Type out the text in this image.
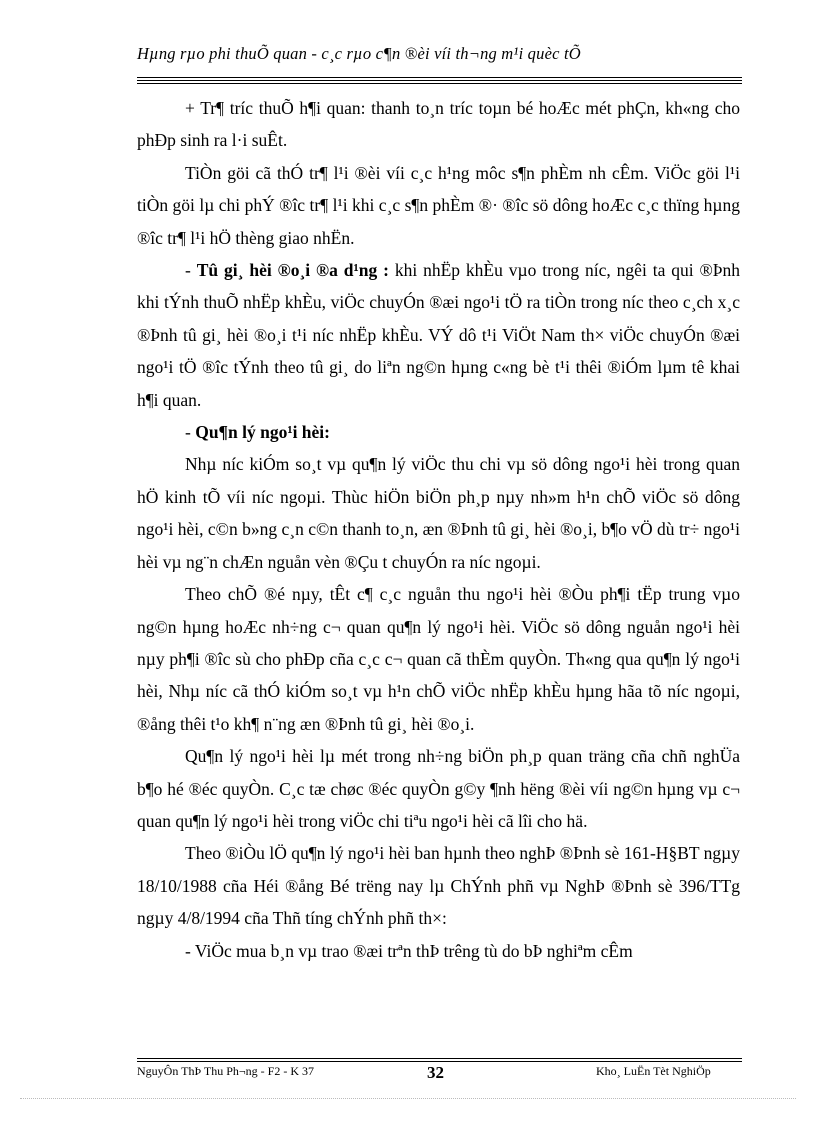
Hµng rµo phi thuÕ quan - c¸c rµo c¶n ®èi víi th¬ng m¹i quèc tÕ

+ Tr¶ tríc thuÕ h¶i quan: thanh to¸n tríc toµn bé hoÆc mét phÇn, kh«ng cho phÐp sinh ra l·i suÊt.

TiÒn göi cã thÓ tr¶ l¹i ®èi víi c¸c h¹ng môc s¶n phÈm nh cÊm. ViÖc göi l¹i tiÒn göi lµ chi phÝ ®îc tr¶ l¹i khi c¸c s¶n phÈm ®· ®îc sö dông hoÆc c¸c thïng hµng ®îc tr¶ l¹i hÖ thèng giao nhËn.

- Tû gi¸ hèi ®o¸i ®a d¹ng : khi nhËp khÈu vµo trong níc, ngêi ta qui ®Þnh khi tÝnh thuÕ nhËp khÈu, viÖc chuyÓn ®æi ngo¹i tÖ ra tiÒn trong níc theo c¸ch x¸c ®Þnh tû gi¸ hèi ®o¸i t¹i níc nhËp khÈu. VÝ dô t¹i ViÖt Nam th× viÖc chuyÓn ®æi ngo¹i tÖ ®îc tÝnh theo tû gi¸ do liªn ng©n hµng c«ng bè t¹i thêi ®iÓm lµm tê khai h¶i quan.

- Qu¶n lý ngo¹i hèi:

Nhµ níc kiÓm so¸t vµ qu¶n lý viÖc thu chi vµ sö dông ngo¹i hèi trong quan hÖ kinh tÕ víi níc ngoµi. Thùc hiÖn biÖn ph¸p nµy nh»m h¹n chÕ viÖc sö dông ngo¹i hèi, c©n b»ng c¸n c©n thanh to¸n, æn ®Þnh tû gi¸ hèi ®o¸i, b¶o vÖ dù tr÷ ngo¹i hèi vµ ng¨n chÆn nguån vèn ®Çu t chuyÓn ra níc ngoµi.

Theo chÕ ®é nµy, tÊt c¶ c¸c nguån thu ngo¹i hèi ®Òu ph¶i tËp trung vµo ng©n hµng hoÆc nh÷ng c¬ quan qu¶n lý ngo¹i hèi. ViÖc sö dông nguån ngo¹i hèi nµy ph¶i ®îc sù cho phÐp cña c¸c c¬ quan cã thÈm quyÒn. Th«ng qua qu¶n lý ngo¹i hèi, Nhµ níc cã thÓ kiÓm so¸t vµ h¹n chÕ viÖc nhËp khÈu hµng hãa tõ níc ngoµi, ®ång thêi t¹o kh¶ n¨ng æn ®Þnh tû gi¸ hèi ®o¸i.

Qu¶n lý ngo¹i hèi lµ mét trong nh÷ng biÖn ph¸p quan träng cña chñ nghÜa b¶o hé ®éc quyÒn. C¸c tæ chøc ®éc quyÒn g©y ¶nh hëng ®èi víi ng©n hµng vµ c¬ quan qu¶n lý ngo¹i hèi trong viÖc chi tiªu ngo¹i hèi cã lîi cho hä.

Theo ®iÒu lÖ qu¶n lý ngo¹i hèi ban hµnh theo nghÞ ®Þnh sè 161-H§BT ngµy 18/10/1988 cña Héi ®ång Bé trëng nay lµ ChÝnh phñ vµ NghÞ ®Þnh sè 396/TTg ngµy 4/8/1994 cña Thñ tíng chÝnh phñ th×:

- ViÖc mua b¸n vµ trao ®æi trªn thÞ trêng tù do bÞ nghiªm cÊm

NguyÔn ThÞ Thu Ph¬ng - F2 - K 37	32	Kho¸ LuËn Tèt NghiÖp
